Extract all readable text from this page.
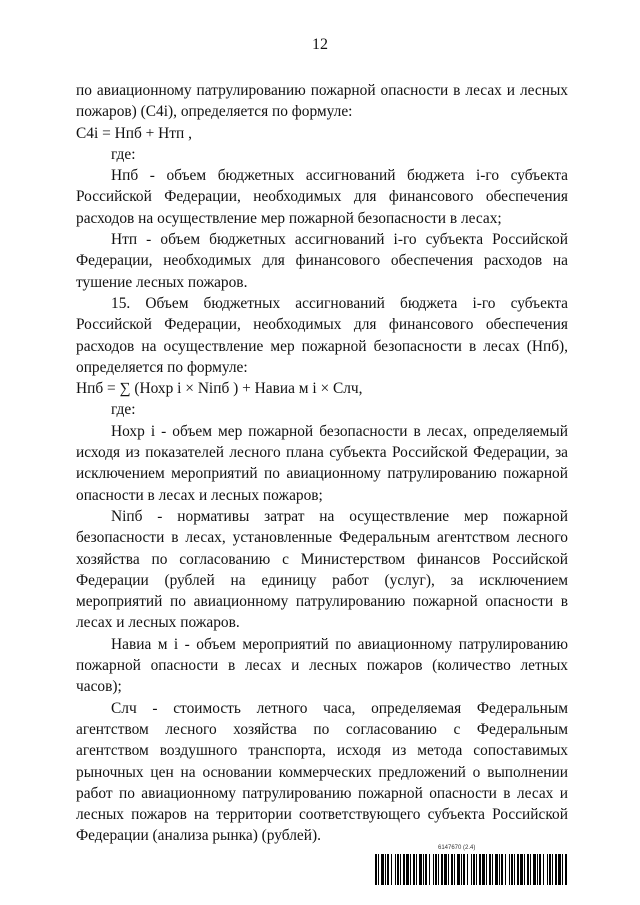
12

по авиационному патрулированию пожарной опасности в лесах и лесных пожаров) (C4i), определяется по формуле:

C4i = Hпб + Hтп ,

где:

Hпб - объем бюджетных ассигнований бюджета i-го субъекта Российской Федерации, необходимых для финансового обеспечения расходов на осуществление мер пожарной безопасности в лесах;

Hтп - объем бюджетных ассигнований i-го субъекта Российской Федерации, необходимых для финансового обеспечения расходов на тушение лесных пожаров.

15. Объем бюджетных ассигнований бюджета i-го субъекта Российской Федерации, необходимых для финансового обеспечения расходов на осуществление мер пожарной безопасности в лесах (Hпб), определяется по формуле:

Hпб = ∑ (Hохр i × Niпб ) + Hавиа м i × Cлч,

где:

Hохр i - объем мер пожарной безопасности в лесах, определяемый исходя из показателей лесного плана субъекта Российской Федерации, за исключением мероприятий по авиационному патрулированию пожарной опасности в лесах и лесных пожаров;

Niпб - нормативы затрат на осуществление мер пожарной безопасности в лесах, установленные Федеральным агентством лесного хозяйства по согласованию с Министерством финансов Российской Федерации (рублей на единицу работ (услуг), за исключением мероприятий по авиационному патрулированию пожарной опасности в лесах и лесных пожаров.

Hавиа м i - объем мероприятий по авиационному патрулированию пожарной опасности в лесах и лесных пожаров (количество летных часов);

Cлч - стоимость летного часа, определяемая Федеральным агентством лесного хозяйства по согласованию с Федеральным агентством воздушного транспорта, исходя из метода сопоставимых рыночных цен на основании коммерческих предложений о выполнении работ по авиационному патрулированию пожарной опасности в лесах и лесных пожаров на территории соответствующего субъекта Российской Федерации (анализа рынка) (рублей).

6147670 (2.4)
